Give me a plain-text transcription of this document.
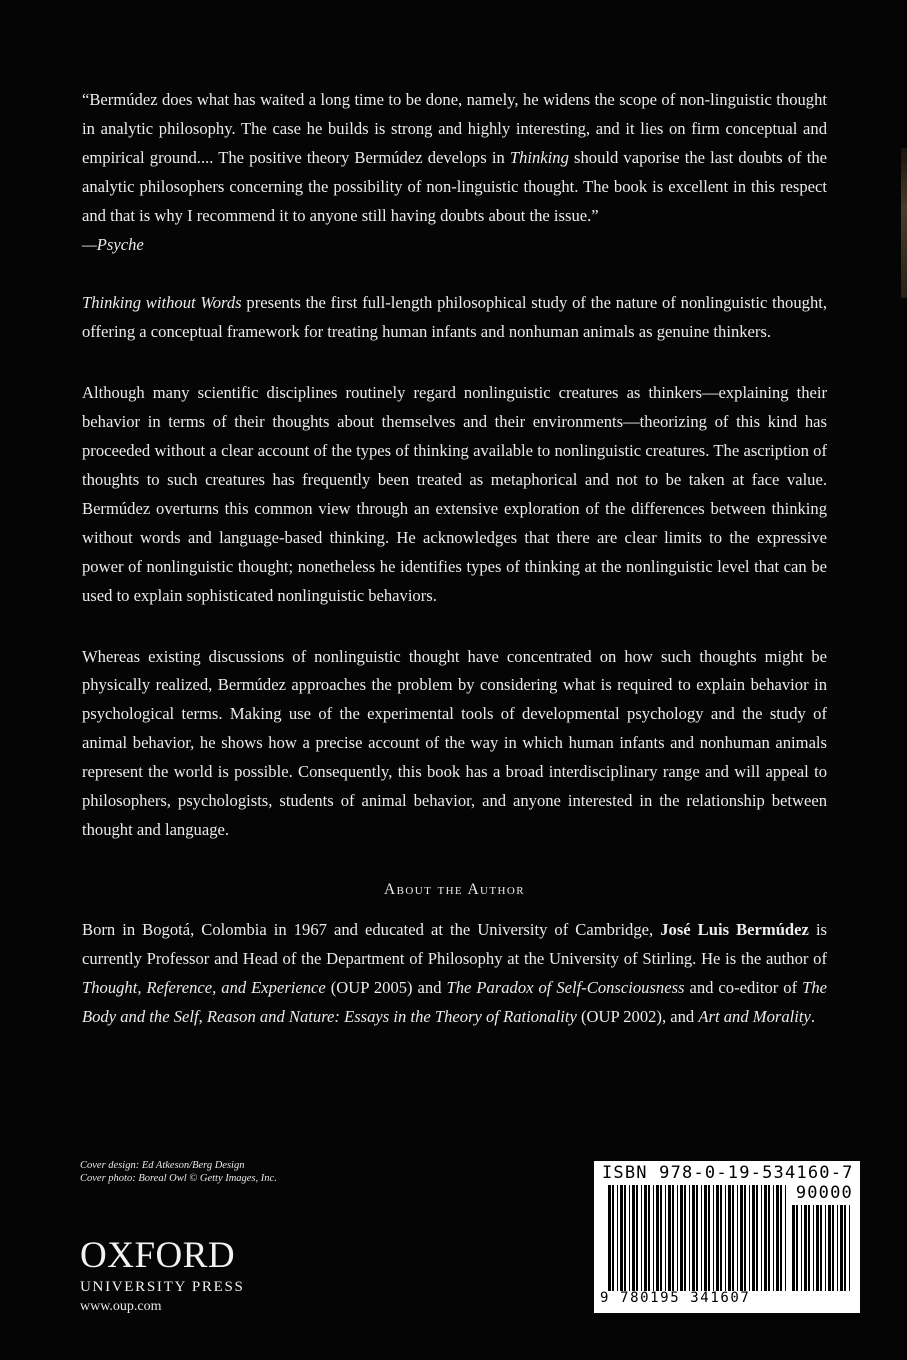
“Bermúdez does what has waited a long time to be done, namely, he widens the scope of non-linguistic thought in analytic philosophy. The case he builds is strong and highly interesting, and it lies on firm conceptual and empirical ground.... The positive theory Bermúdez develops in Thinking should vaporise the last doubts of the analytic philosophers concerning the possibility of non-linguistic thought. The book is excellent in this respect and that is why I recommend it to anyone still having doubts about the issue.”
—Psyche

Thinking without Words presents the first full-length philosophical study of the nature of nonlinguistic thought, offering a conceptual framework for treating human infants and nonhuman animals as genuine thinkers.

Although many scientific disciplines routinely regard nonlinguistic creatures as thinkers—explaining their behavior in terms of their thoughts about themselves and their environments—theorizing of this kind has proceeded without a clear account of the types of thinking available to nonlinguistic creatures. The ascription of thoughts to such creatures has frequently been treated as metaphorical and not to be taken at face value. Bermúdez overturns this common view through an extensive exploration of the differences between thinking without words and language-based thinking. He acknowledges that there are clear limits to the expressive power of nonlinguistic thought; nonetheless he identifies types of thinking at the nonlinguistic level that can be used to explain sophisticated nonlinguistic behaviors.

Whereas existing discussions of nonlinguistic thought have concentrated on how such thoughts might be physically realized, Bermúdez approaches the problem by considering what is required to explain behavior in psychological terms. Making use of the experimental tools of developmental psychology and the study of animal behavior, he shows how a precise account of the way in which human infants and nonhuman animals represent the world is possible. Consequently, this book has a broad interdisciplinary range and will appeal to philosophers, psychologists, students of animal behavior, and anyone interested in the relationship between thought and language.

About the Author

Born in Bogotá, Colombia in 1967 and educated at the University of Cambridge, José Luis Bermúdez is currently Professor and Head of the Department of Philosophy at the University of Stirling. He is the author of Thought, Reference, and Experience (OUP 2005) and The Paradox of Self-Consciousness and co-editor of The Body and the Self, Reason and Nature: Essays in the Theory of Rationality (OUP 2002), and Art and Morality.

Cover design: Ed Atkeson/Berg Design
Cover photo: Boreal Owl © Getty Images, Inc.
OXFORD
UNIVERSITY PRESS
www.oup.com
ISBN 978-0-19-534160-7
90000
9 780195 341607
